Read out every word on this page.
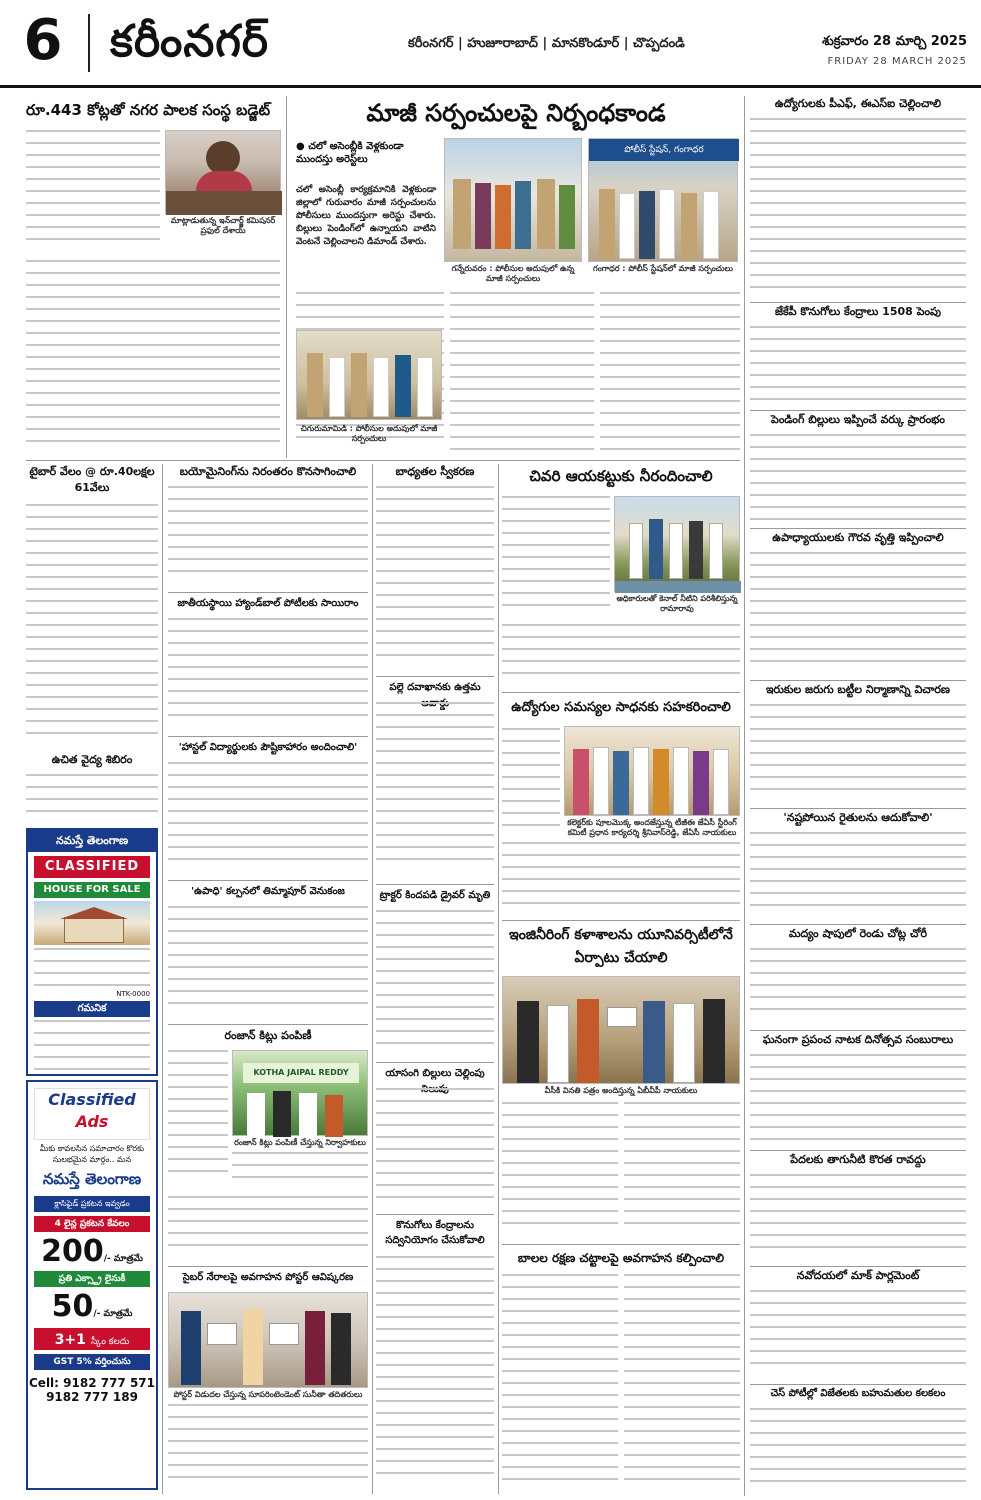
6	కరీంనగర్	కరీంనగర్ | హుజూరాబాద్ | మానకొండూర్ | చొప్పదండి	శుక్రవారం 28 మార్చి 2025
FRIDAY 28 MARCH 2025
రూ.443 కోట్లతో నగర పాలక సంస్థ బడ్జెట్
మాట్లాడుతున్న ఇన్‌చార్జ్ కమిషనర్ ప్రఫుల్ దేశాయ్
మాజీ సర్పంచులపై నిర్బంధకాండ
● చలో అసెంబ్లీకి వెళ్లకుండా ముందస్తు అరెస్ట్‌లు
చలో అసెంబ్లీ కార్యక్రమానికి వెళ్లకుండా జిల్లాలో గురువారం మాజీ సర్పంచులను పోలీసులు ముందస్తుగా అరెస్టు చేశారు. బిల్లులు పెండింగ్‌లో ఉన్నాయని వాటిని వెంటనే చెల్లించాలని డిమాండ్ చేశారు.
గన్నేరువరం : పోలీసుల అదుపులో ఉన్న మాజీ సర్పంచులు
పోలీస్ స్టేషన్, గంగాధర
గంగాధర : పోలీస్ స్టేషన్‌లో మాజీ సర్పంచులు
చిగురుమామిడి : పోలీసుల అదుపులో మాజీ సర్పంచులు
ఉద్యోగులకు పీఎఫ్, ఈఎస్ఐ చెల్లించాలి
జేకేపీ కొనుగోలు కేంద్రాలు 1508 పెంపు
పెండింగ్ బిల్లులు ఇప్పించే వర్కు ప్రారంభం
ఉపాధ్యాయులకు గౌరవ వృత్తి ఇప్పించాలి
ఇరుకుల జరుగు బట్టీల నిర్మాణాన్ని విచారణ
'నష్టపోయిన రైతులను ఆదుకోవాలి'
మద్యం షాపులో రెండు చోట్ల చోరీ
ఘనంగా ప్రపంచ నాటక దినోత్సవ సంబురాలు
పేదలకు తాగునీటి కొరత రావద్దు
నవోదయలో మాక్ పార్లమెంట్
చెస్ పోటీల్లో విజేతలకు బహుమతుల కలకలం
టైబార్ వేలం @ రూ.40లక్షల 61వేలు
ఉచిత వైద్య శిబిరం
నమస్తే తెలంగాణ
CLASSIFIED
HOUSE FOR SALE
NTK-0000
గమనిక
Classified
Ads
మీకు కావలసిన సమాచారం కొరకు
సులభమైన మార్గం.. మన
నమస్తే తెలంగాణ
క్లాసిఫైడ్ ప్రకటన ఇవ్వడం
4 లైన్ల ప్రకటన కేవలం
200/- మాత్రమే
ప్రతి ఎక్స్ట్రా లైనుకీ
50/- మాత్రమే
3+1 స్కీం కలదు
GST 5% వర్తించును
Cell: 9182 777 571
9182 777 189
బయోమైనింగ్‌ను నిరంతరం కొనసాగించాలి
జాతీయస్థాయి హ్యాండ్‌బాల్ పోటీలకు సాయిరాం
'హాస్టల్ విద్యార్థులకు పౌష్టికాహారం అందించాలి'
'ఉపాధి' కల్పనలో తిమ్మాపూర్ వెనుకంజ
రంజాన్ కిట్లు పంపిణీ
KOTHA JAIPAL REDDY
రంజాన్ కిట్లు పంపిణీ చేస్తున్న నిర్వాహకులు
సైబర్ నేరాలపై అవగాహన పోస్టర్ ఆవిష్కరణ
పోస్టర్ విడుదల చేస్తున్న సూపరింటెండెంట్ సునీతా తదితరులు
బాధ్యతల స్వీకరణ
పల్లె దవాఖానకు ఉత్తమ
ట్రాక్టర్ కిందపడి డ్రైవర్ మృతి
యాసంగి బిల్లులు చెల్లింపు
కొనుగోలు కేంద్రాలను సద్వినియోగం చేసుకోవాలి
చివరి ఆయకట్టుకు నీరందించాలి
అధికారులతో కెనాల్ నీటిని పరిశీలిస్తున్న రామారావు
ఉద్యోగుల సమస్యల సాధనకు సహకరించాలి
కలెక్టర్‌కు పూలమొక్క అందజేస్తున్న టీజీఈ జేఏసీ స్టీరింగ్ కమిటీ ప్రధాన కార్యదర్శి శ్రీనివాస్‌రెడ్డి, జేఏసీ నాయకులు
ఇంజినీరింగ్ కళాశాలను యూనివర్సిటీలోనే ఏర్పాటు చేయాలి
వీసీకి వినతి పత్రం అందిస్తున్న ఏబీవీపీ నాయకులు
బాలల రక్షణ చట్టాలపై అవగాహన కల్పించాలి
